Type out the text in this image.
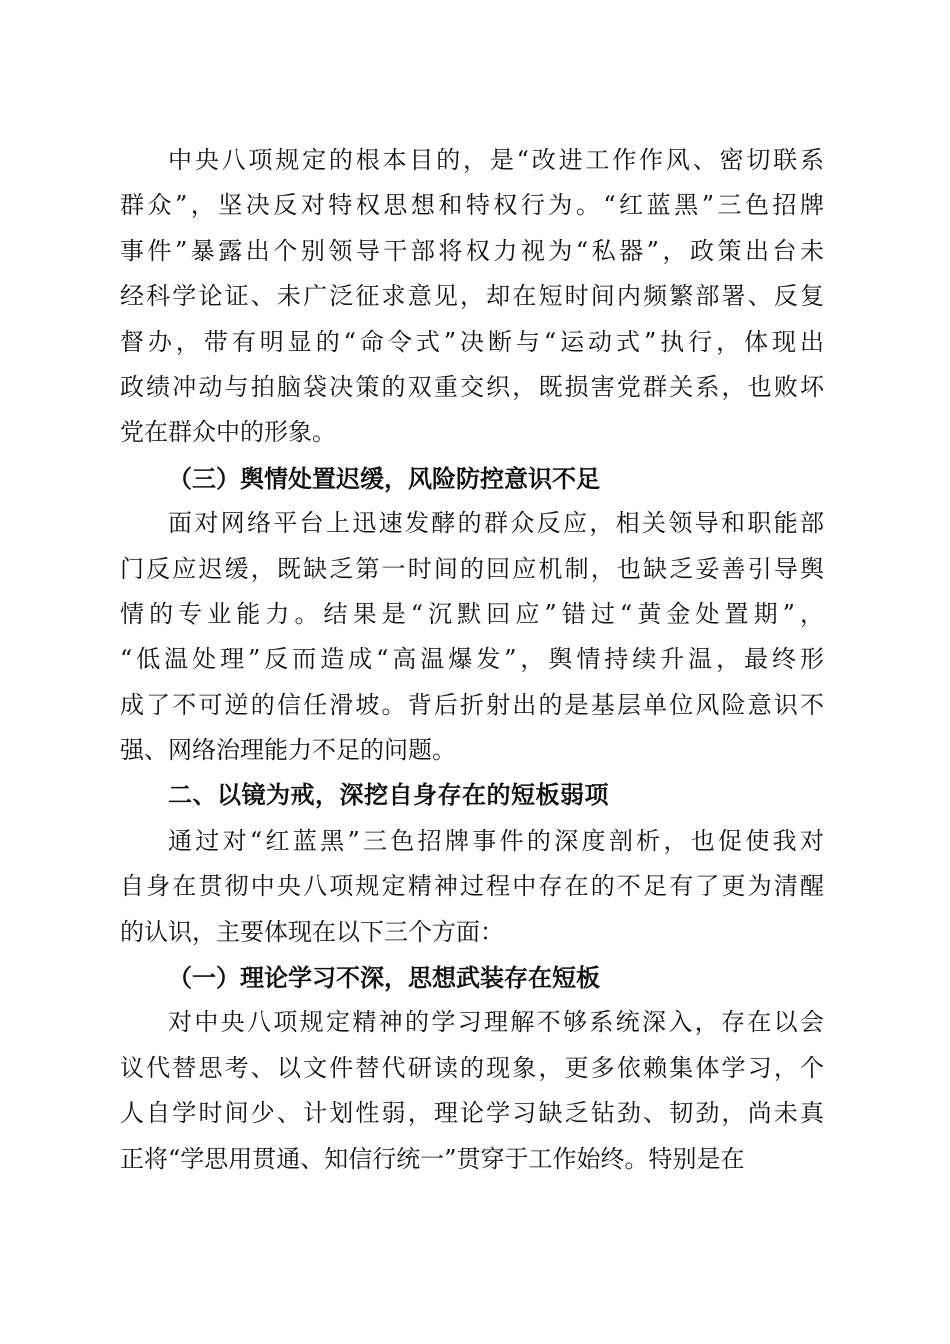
中央八项规定的根本目的，是“改进工作作风、密切联系
群众”，坚决反对特权思想和特权行为。“红蓝黑”三色招牌
事件”暴露出个别领导干部将权力视为“私器”，政策出台未
经科学论证、未广泛征求意见，却在短时间内频繁部署、反复
督办，带有明显的“命令式”决断与“运动式”执行，体现出
政绩冲动与拍脑袋决策的双重交织，既损害党群关系，也败坏
党在群众中的形象。
（三）舆情处置迟缓，风险防控意识不足
面对网络平台上迅速发酵的群众反应，相关领导和职能部
门反应迟缓，既缺乏第一时间的回应机制，也缺乏妥善引导舆
情的专业能力。结果是“沉默回应”错过“黄金处置期”，
“低温处理”反而造成“高温爆发”，舆情持续升温，最终形
成了不可逆的信任滑坡。背后折射出的是基层单位风险意识不
强、网络治理能力不足的问题。
二、以镜为戒，深挖自身存在的短板弱项
通过对“红蓝黑”三色招牌事件的深度剖析，也促使我对
自身在贯彻中央八项规定精神过程中存在的不足有了更为清醒
的认识，主要体现在以下三个方面：
（一）理论学习不深，思想武装存在短板
对中央八项规定精神的学习理解不够系统深入，存在以会
议代替思考、以文件替代研读的现象，更多依赖集体学习，个
人自学时间少、计划性弱，理论学习缺乏钻劲、韧劲，尚未真
正将“学思用贯通、知信行统一”贯穿于工作始终。特别是在
